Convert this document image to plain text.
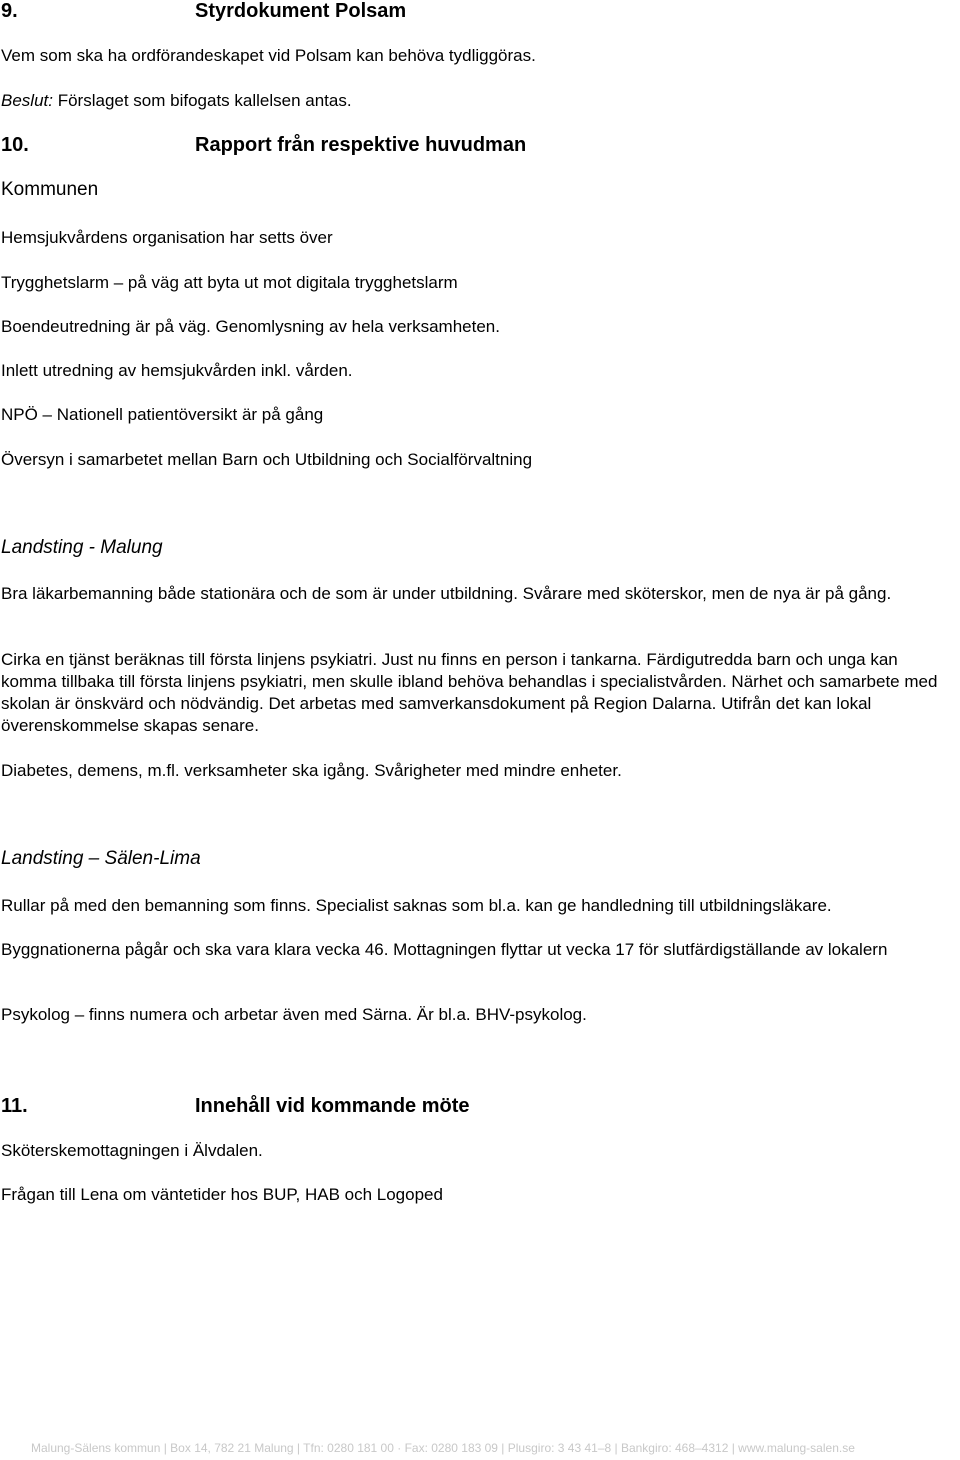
9.	Styrdokument Polsam

Vem som ska ha ordförandeskapet vid Polsam kan behöva tydliggöras.

Beslut: Förslaget som bifogats kallelsen antas.

10.	Rapport från respektive huvudman

Kommunen

Hemsjukvårdens organisation har setts över

Trygghetslarm – på väg att byta ut mot digitala trygghetslarm

Boendeutredning är på väg. Genomlysning av hela verksamheten.

Inlett utredning av hemsjukvården inkl. vården.

NPÖ – Nationell patientöversikt är på gång

Översyn i samarbetet mellan Barn och Utbildning och Socialförvaltning

Landsting - Malung

Bra läkarbemanning både stationära och de som är under utbildning. Svårare med sköterskor, men de nya är på gång.

Cirka en tjänst beräknas till första linjens psykiatri. Just nu finns en person i tankarna. Färdigutredda barn och unga kan komma tillbaka till första linjens psykiatri, men skulle ibland behöva behandlas i specialistvården. Närhet och samarbete med skolan är önskvärd och nödvändig. Det arbetas med samverkansdokument på Region Dalarna. Utifrån det kan lokal överenskommelse skapas senare.

Diabetes, demens, m.fl. verksamheter ska igång. Svårigheter med mindre enheter.

Landsting – Sälen-Lima

Rullar på med den bemanning som finns. Specialist saknas som bl.a. kan ge handledning till utbildningsläkare.

Byggnationerna pågår och ska vara klara vecka 46. Mottagningen flyttar ut vecka 17 för slutfärdigställande av lokalern

Psykolog – finns numera och arbetar även med Särna. Är bl.a. BHV-psykolog.

11.	Innehåll vid kommande möte

Sköterskemottagningen i Älvdalen.

Frågan till Lena om väntetider hos BUP, HAB och Logoped

Malung-Sälens kommun | Box 14, 782 21 Malung | Tfn: 0280 181 00 · Fax: 0280 183 09 | Plusgiro: 3 43 41–8 | Bankgiro: 468–4312 | www.malung-salen.se
